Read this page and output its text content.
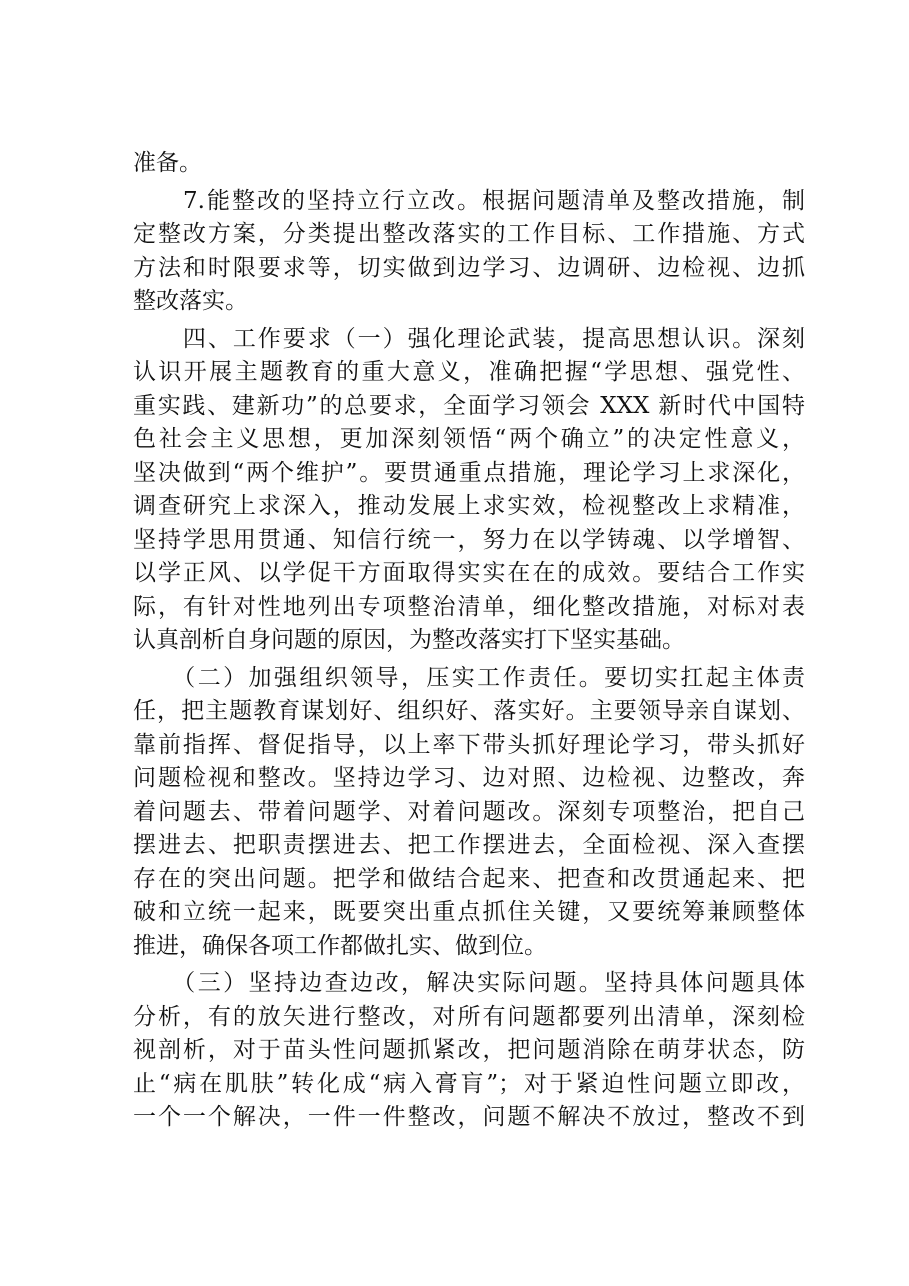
准备。
　　7.能整改的坚持立行立改。根据问题清单及整改措施，制
定整改方案，分类提出整改落实的工作目标、工作措施、方式
方法和时限要求等，切实做到边学习、边调研、边检视、边抓
整改落实。
　　四、工作要求（一）强化理论武装，提高思想认识。深刻
认识开展主题教育的重大意义，准确把握“学思想、强党性、
重实践、建新功”的总要求，全面学习领会 XXX 新时代中国特
色社会主义思想，更加深刻领悟“两个确立”的决定性意义，
坚决做到“两个维护”。要贯通重点措施，理论学习上求深化，
调查研究上求深入，推动发展上求实效，检视整改上求精准，
坚持学思用贯通、知信行统一，努力在以学铸魂、以学增智、
以学正风、以学促干方面取得实实在在的成效。要结合工作实
际，有针对性地列出专项整治清单，细化整改措施，对标对表
认真剖析自身问题的原因，为整改落实打下坚实基础。
　　（二）加强组织领导，压实工作责任。要切实扛起主体责
任，把主题教育谋划好、组织好、落实好。主要领导亲自谋划、
靠前指挥、督促指导，以上率下带头抓好理论学习，带头抓好
问题检视和整改。坚持边学习、边对照、边检视、边整改，奔
着问题去、带着问题学、对着问题改。深刻专项整治，把自己
摆进去、把职责摆进去、把工作摆进去，全面检视、深入查摆
存在的突出问题。把学和做结合起来、把查和改贯通起来、把
破和立统一起来，既要突出重点抓住关键，又要统筹兼顾整体
推进，确保各项工作都做扎实、做到位。
　　（三）坚持边查边改，解决实际问题。坚持具体问题具体
分析，有的放矢进行整改，对所有问题都要列出清单，深刻检
视剖析，对于苗头性问题抓紧改，把问题消除在萌芽状态，防
止“病在肌肤”转化成“病入膏肓”；对于紧迫性问题立即改，
一个一个解决，一件一件整改，问题不解决不放过，整改不到
